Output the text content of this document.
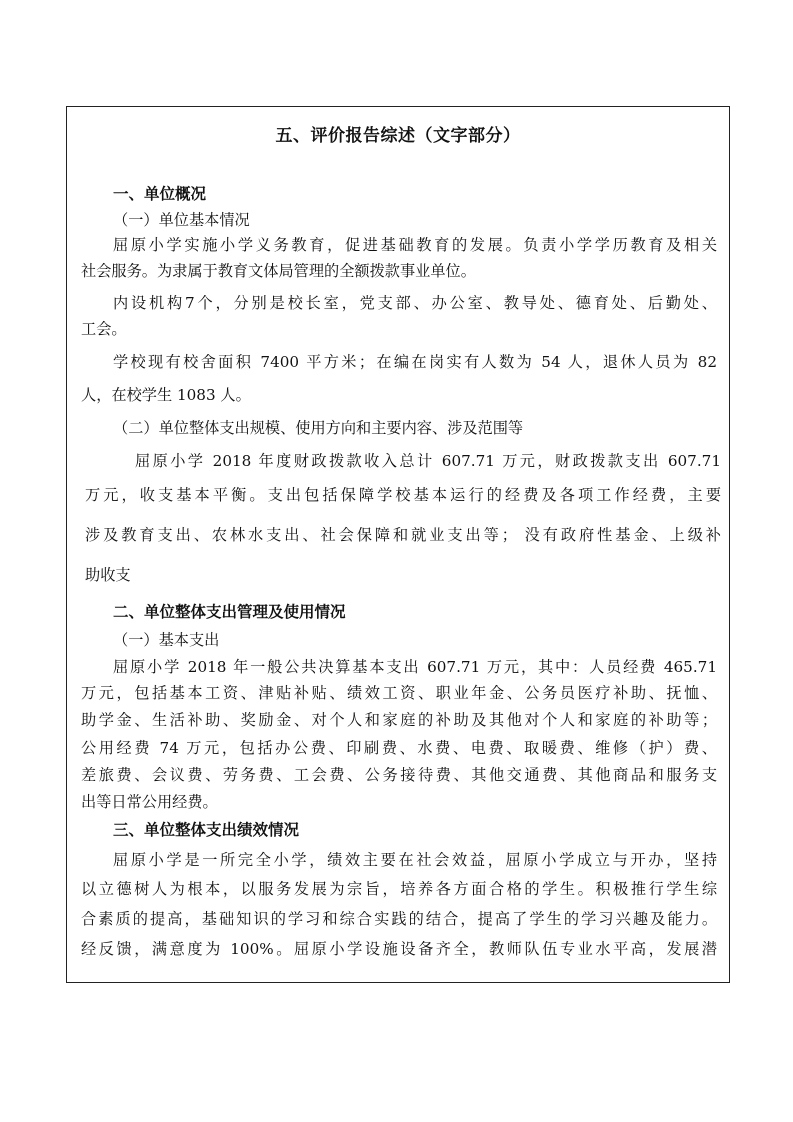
五、评价报告综述（文字部分）
一、单位概况
（一）单位基本情况
屈原小学实施小学义务教育，促进基础教育的发展。负责小学学历教育及相关
社会服务。为隶属于教育文体局管理的全额拨款事业单位。
内设机构7个，分别是校长室，党支部、办公室、教导处、德育处、后勤处、
工会。
学校现有校舍面积 7400 平方米；在编在岗实有人数为 54 人，退休人员为 82
人，在校学生 1083 人。
（二）单位整体支出规模、使用方向和主要内容、涉及范围等
屈原小学 2018 年度财政拨款收入总计 607.71 万元，财政拨款支出 607.71
万元，收支基本平衡。支出包括保障学校基本运行的经费及各项工作经费，主要
涉及教育支出、农林水支出、社会保障和就业支出等； 没有政府性基金、上级补
助收支
二、单位整体支出管理及使用情况
（一）基本支出
屈原小学 2018 年一般公共决算基本支出 607.71 万元，其中：人员经费 465.71
万元，包括基本工资、津贴补贴、绩效工资、职业年金、公务员医疗补助、抚恤、
助学金、生活补助、奖励金、对个人和家庭的补助及其他对个人和家庭的补助等；
公用经费 74 万元，包括办公费、印刷费、水费、电费、取暖费、维修（护）费、
差旅费、会议费、劳务费、工会费、公务接待费、其他交通费、其他商品和服务支
出等日常公用经费。
三、单位整体支出绩效情况
屈原小学是一所完全小学，绩效主要在社会效益，屈原小学成立与开办，坚持
以立德树人为根本，以服务发展为宗旨，培养各方面合格的学生。积极推行学生综
合素质的提高，基础知识的学习和综合实践的结合，提高了学生的学习兴趣及能力。
经反馈，满意度为 100%。屈原小学设施设备齐全，教师队伍专业水平高，发展潜
